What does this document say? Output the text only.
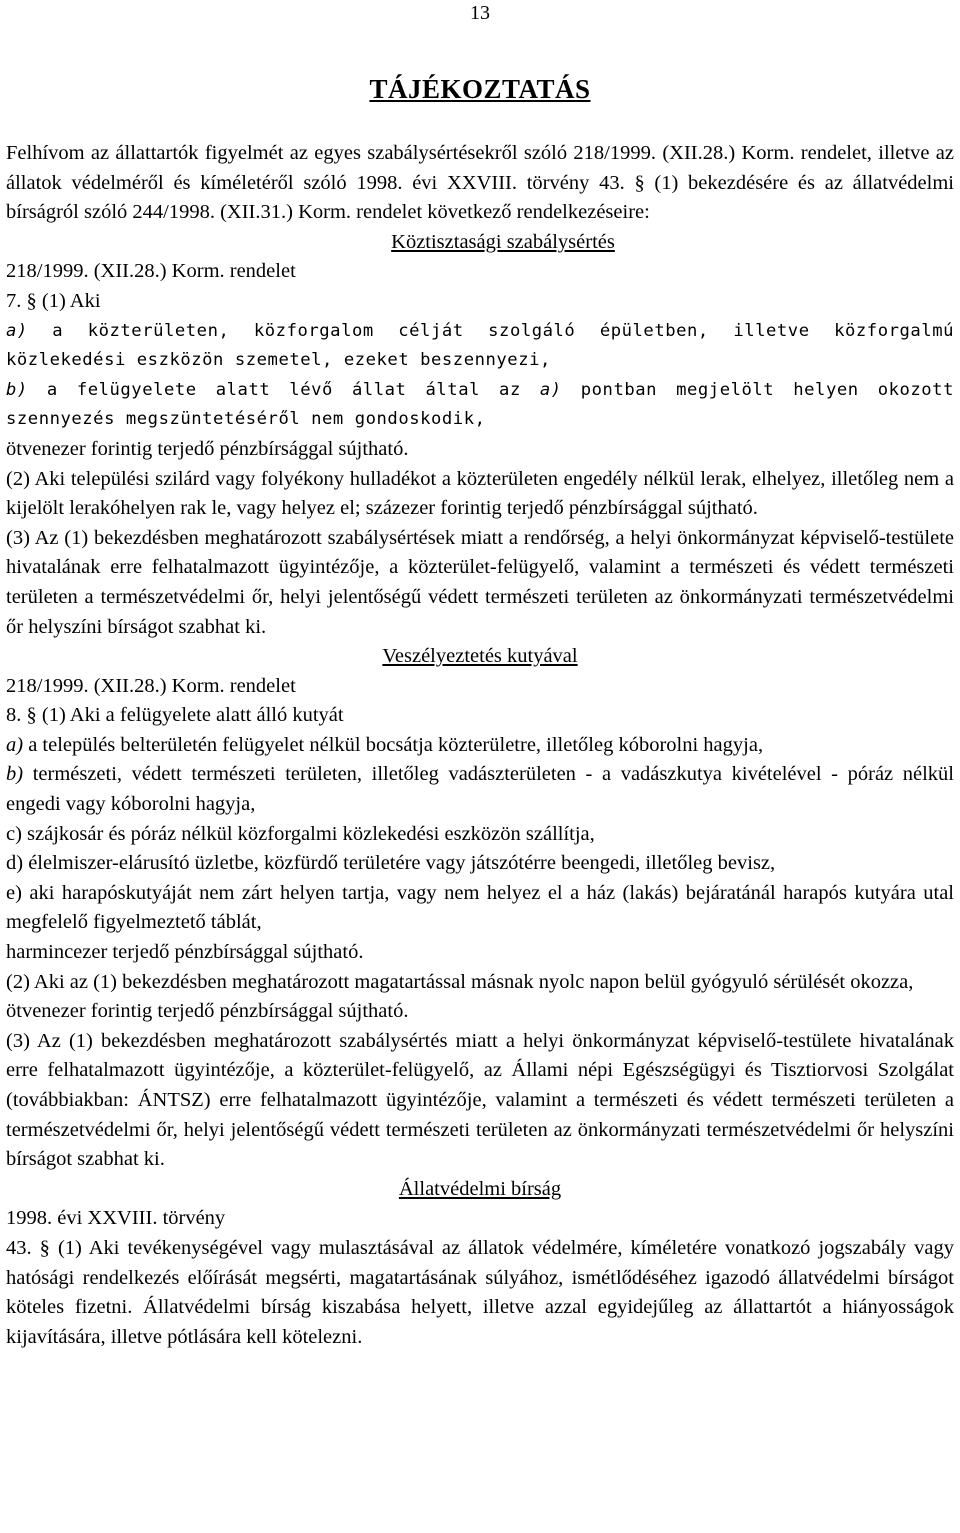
13
TÁJÉKOZTATÁS

Felhívom az állattartók figyelmét az egyes szabálysértésekről szóló 218/1999. (XII.28.) Korm. rendelet, illetve az állatok védelméről és kíméletéről szóló 1998. évi XXVIII. törvény 43. § (1) bekezdésére és az állatvédelmi bírságról szóló 244/1998. (XII.31.) Korm. rendelet következő rendelkezéseire:

Köztisztasági szabálysértés

218/1999. (XII.28.) Korm. rendelet

7. § (1) Aki

a) a közterületen, közforgalom célját szolgáló épületben, illetve közforgalmú közlekedési eszközön szemetel, ezeket beszennyezi,

b) a felügyelete alatt lévő állat által az a) pontban megjelölt helyen okozott szennyezés megszüntetéséről nem gondoskodik,

ötvenezer forintig terjedő pénzbírsággal sújtható.

(2) Aki települési szilárd vagy folyékony hulladékot a közterületen engedély nélkül lerak, elhelyez, illetőleg nem a kijelölt lerakóhelyen rak le, vagy helyez el; százezer forintig terjedő pénzbírsággal sújtható.

(3) Az (1) bekezdésben meghatározott szabálysértések miatt a rendőrség, a helyi önkormányzat képviselő-testülete hivatalának erre felhatalmazott ügyintézője, a közterület-felügyelő, valamint a természeti és védett természeti területen a természetvédelmi őr, helyi jelentőségű védett természeti területen az önkormányzati természetvédelmi őr helyszíni bírságot szabhat ki.

Veszélyeztetés kutyával

218/1999. (XII.28.) Korm. rendelet

8. § (1) Aki a felügyelete alatt álló kutyát

a) a település belterületén felügyelet nélkül bocsátja közterületre, illetőleg kóborolni hagyja,

b) természeti, védett természeti területen, illetőleg vadászterületen - a vadászkutya kivételével - póráz nélkül engedi vagy kóborolni hagyja,

c) szájkosár és póráz nélkül közforgalmi közlekedési eszközön szállítja,

d) élelmiszer-elárusító üzletbe, közfürdő területére vagy játszótérre beengedi, illetőleg bevisz,

e) aki harapóskutyáját nem zárt helyen tartja, vagy nem helyez el a ház (lakás) bejáratánál harapós kutyára utal megfelelő figyelmeztető táblát,

harmincezer terjedő pénzbírsággal sújtható.

(2) Aki az (1) bekezdésben meghatározott magatartással másnak nyolc napon belül gyógyuló sérülését okozza,

ötvenezer forintig terjedő pénzbírsággal sújtható.

(3) Az (1) bekezdésben meghatározott szabálysértés miatt a helyi önkormányzat képviselő-testülete hivatalának erre felhatalmazott ügyintézője, a közterület-felügyelő, az Állami népi Egészségügyi és Tisztiorvosi Szolgálat (továbbiakban: ÁNTSZ) erre felhatalmazott ügyintézője, valamint a természeti és védett természeti területen a természetvédelmi őr, helyi jelentőségű védett természeti területen az önkormányzati természetvédelmi őr helyszíni bírságot szabhat ki.

Állatvédelmi bírság

1998. évi XXVIII. törvény

43. § (1) Aki tevékenységével vagy mulasztásával az állatok védelmére, kíméletére vonatkozó jogszabály vagy hatósági rendelkezés előírását megsérti, magatartásának súlyához, ismétlődéséhez igazodó állatvédelmi bírságot köteles fizetni. Állatvédelmi bírság kiszabása helyett, illetve azzal egyidejűleg az állattartót a hiányosságok kijavítására, illetve pótlására kell kötelezni.
